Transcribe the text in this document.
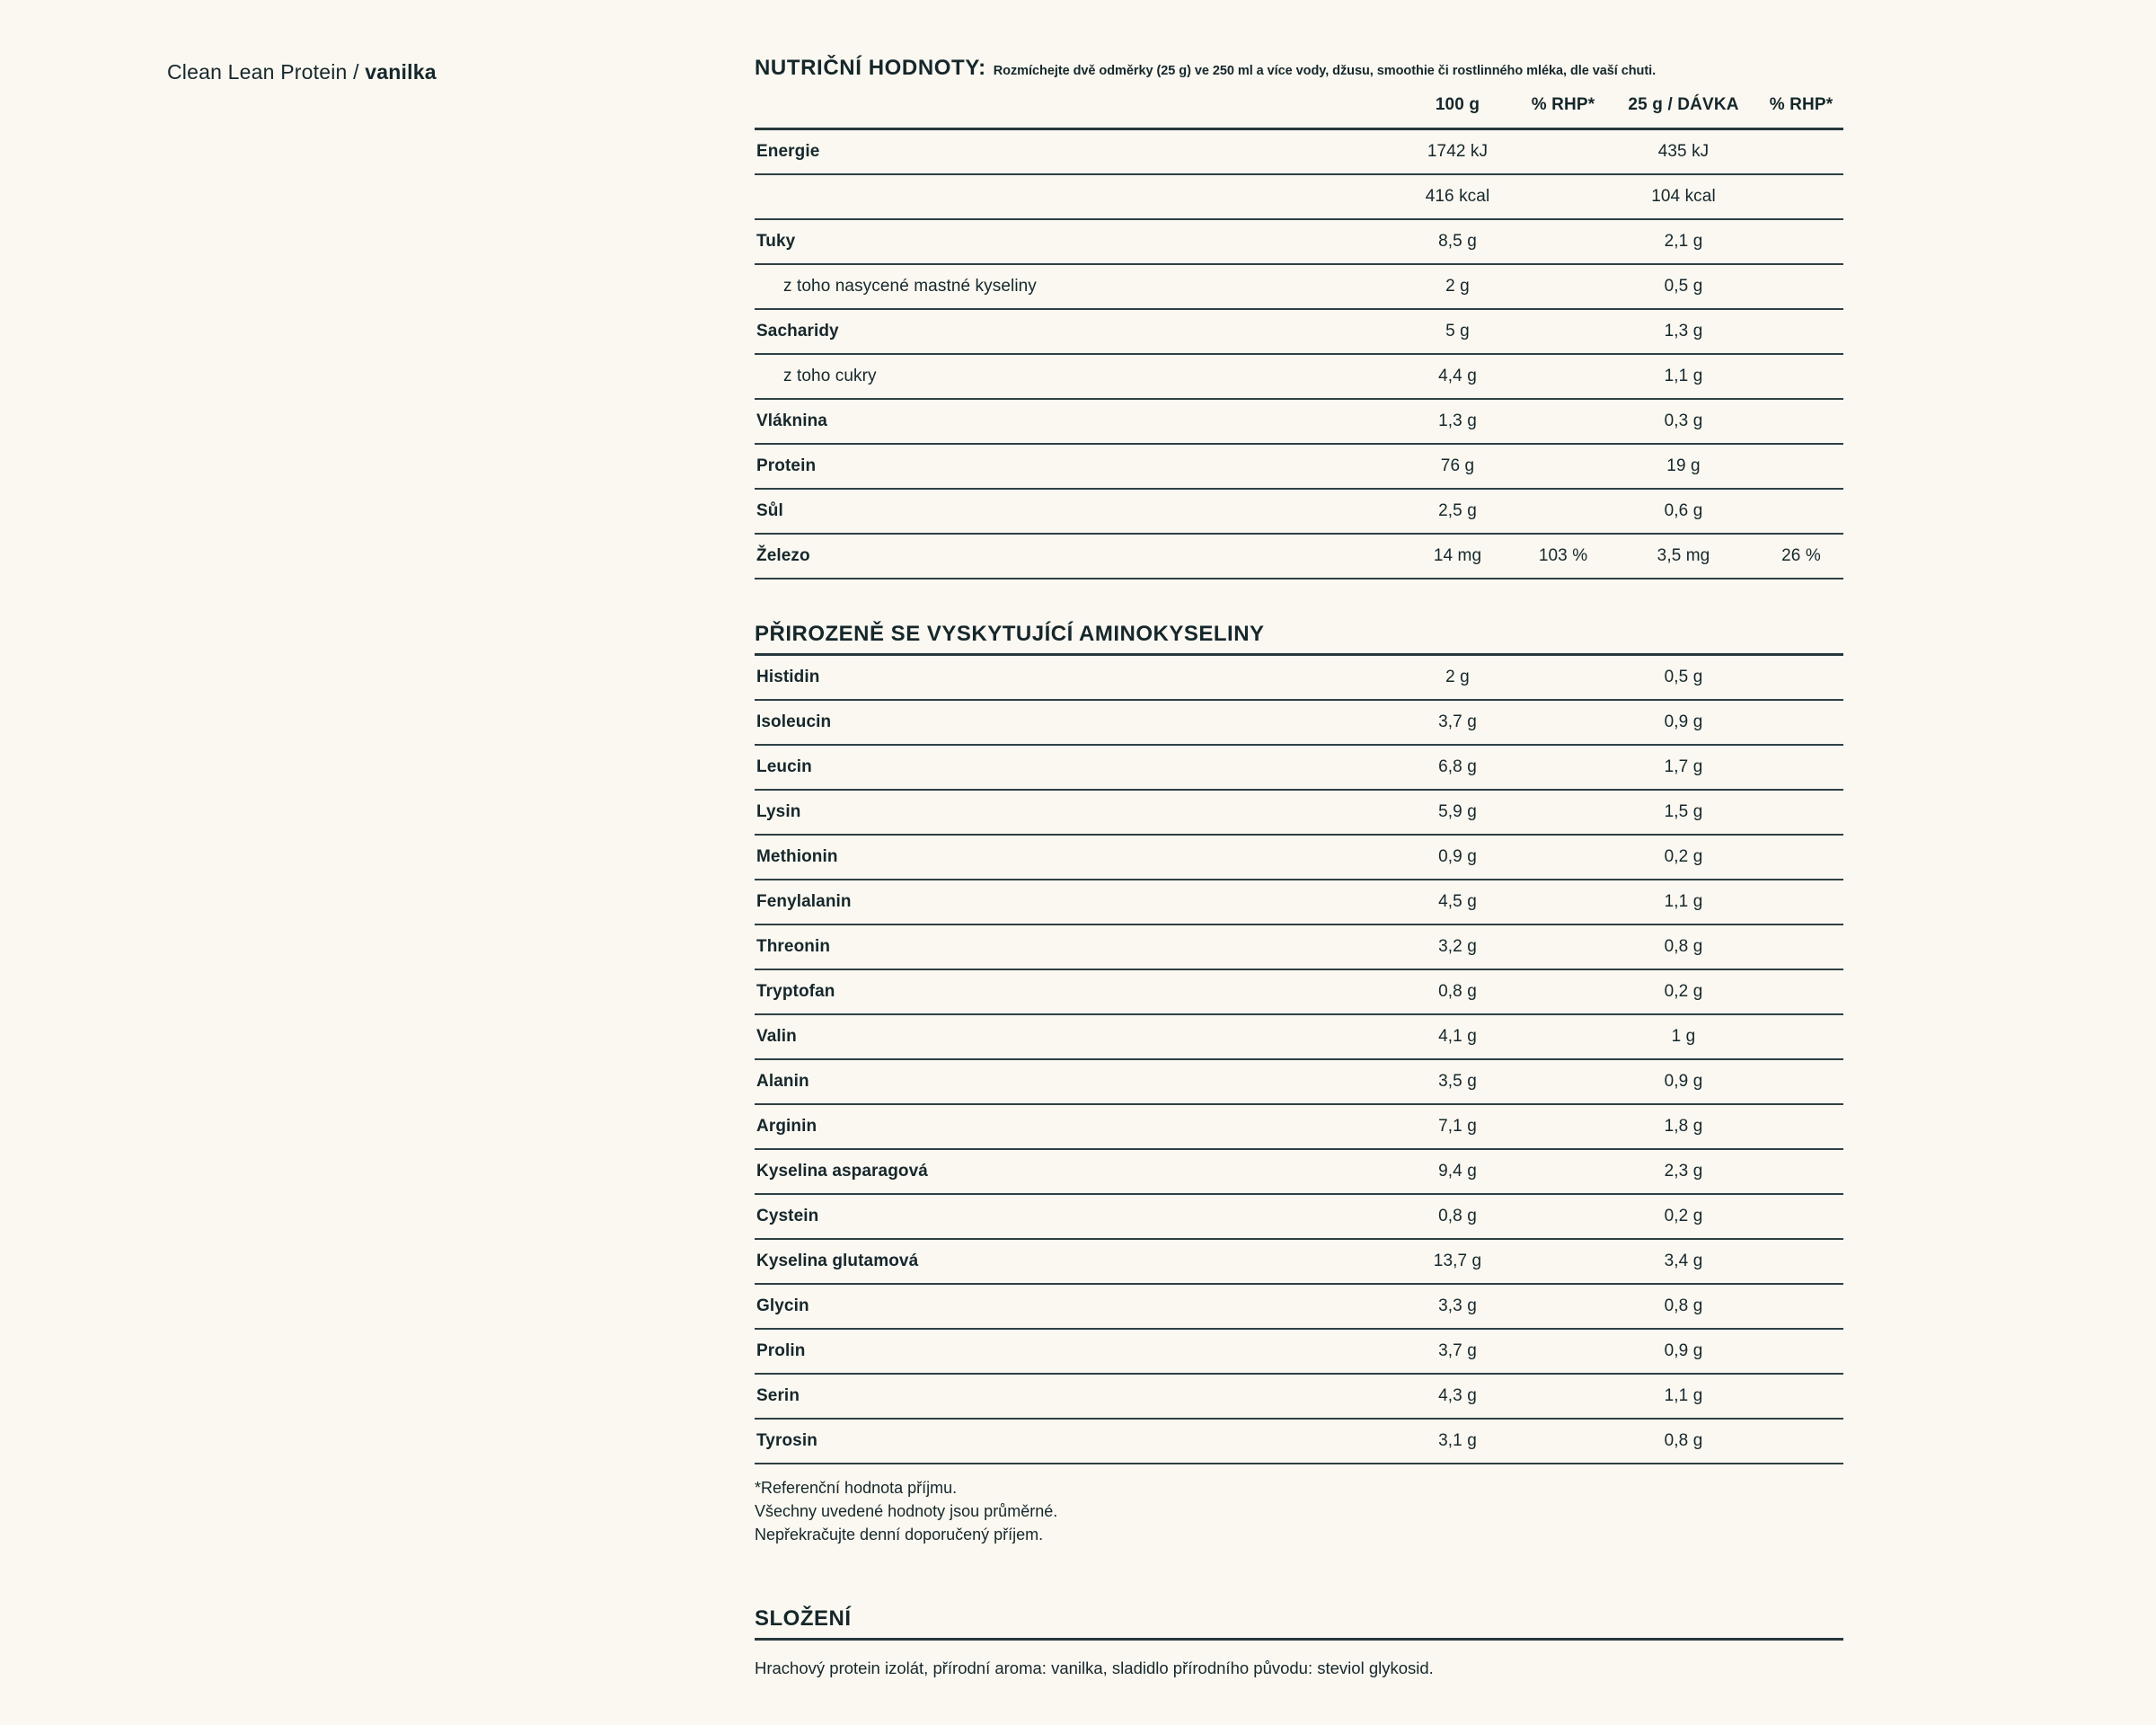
Clean Lean Protein / vanilka	NUTRIČNÍ HODNOTY: Rozmíchejte dvě odměrky (25 g) ve 250 ml a více vody, džusu, smoothie či rostlinného mléka, dle vaší chuti.
	100 g	% RHP*	25 g / DÁVKA	% RHP*
Energie	1742 kJ		435 kJ	
	416 kcal		104 kcal	
Tuky	8,5 g		2,1 g	
z toho nasycené mastné kyseliny	2 g		0,5 g	
Sacharidy	5 g		1,3 g	
z toho cukry	4,4 g		1,1 g	
Vláknina	1,3 g		0,3 g	
Protein	76 g		19 g	
Sůl	2,5 g		0,6 g	
Železo	14 mg	103 %	3,5 mg	26 %
PŘIROZENĚ SE VYSKYTUJÍCÍ AMINOKYSELINY
Histidin	2 g		0,5 g	
Isoleucin	3,7 g		0,9 g	
Leucin	6,8 g		1,7 g	
Lysin	5,9 g		1,5 g	
Methionin	0,9 g		0,2 g	
Fenylalanin	4,5 g		1,1 g	
Threonin	3,2 g		0,8 g	
Tryptofan	0,8 g		0,2 g	
Valin	4,1 g		1 g	
Alanin	3,5 g		0,9 g	
Arginin	7,1 g		1,8 g	
Kyselina asparagová	9,4 g		2,3 g	
Cystein	0,8 g		0,2 g	
Kyselina glutamová	13,7 g		3,4 g	
Glycin	3,3 g		0,8 g	
Prolin	3,7 g		0,9 g	
Serin	4,3 g		1,1 g	
Tyrosin	3,1 g		0,8 g	
*Referenční hodnota příjmu.
Všechny uvedené hodnoty jsou průměrné.
Nepřekračujte denní doporučený příjem.
SLOŽENÍ
Hrachový protein izolát, přírodní aroma: vanilka, sladidlo přírodního původu: steviol glykosid.
